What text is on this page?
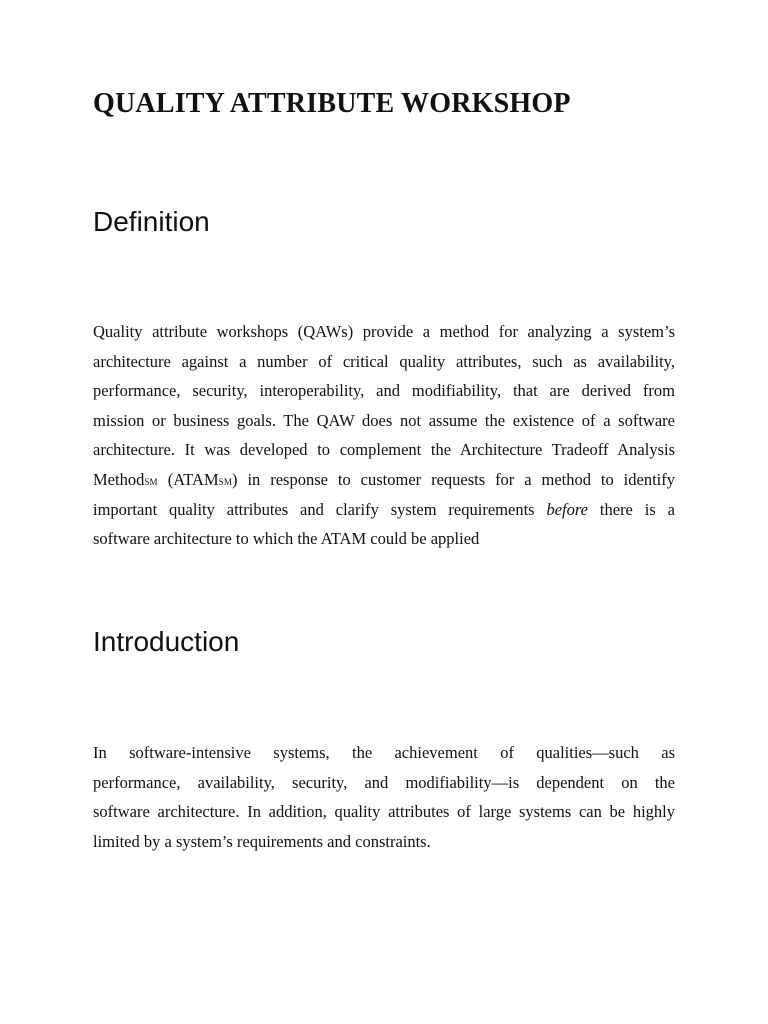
QUALITY ATTRIBUTE WORKSHOP
Definition
Quality attribute workshops (QAWs) provide a method for analyzing a system’s
architecture against a number of critical quality attributes, such as availability,
performance, security, interoperability, and modifiability, that are derived from
mission or business goals. The QAW does not assume the existence of a software
architecture. It was developed to complement the Architecture Tradeoff Analysis
MethodSM (ATAMSM) in response to customer requests for a method to identify
important quality attributes and clarify system requirements before there is a
software architecture to which the ATAM could be applied
Introduction
In software-intensive systems, the achievement of qualities—such as
performance, availability, security, and modifiability—is dependent on the
software architecture. In addition, quality attributes of large systems can be highly
limited by a system’s requirements and constraints.
